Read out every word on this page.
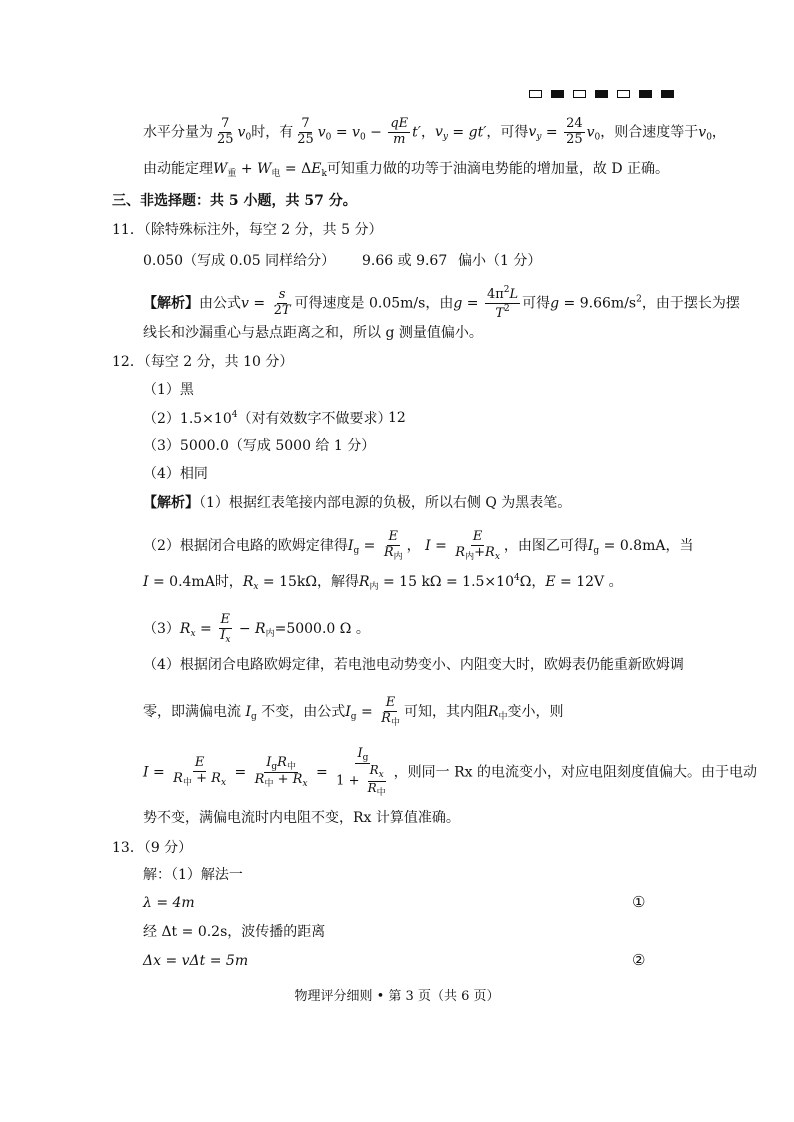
水平分量为 $\frac{7}{25} v_0$时，有 $\frac{7}{25} v_0 = v_0 - \frac{qE}{m} t'$，$v_y = gt'$，可得$v_y = \frac{24}{25} v_0$，则合速度等于$v_0$，
由动能定理$W_重 + W_电 = \Delta E_k$可知重力做的功等于油滴电势能的增加量，故 D 正确。
三、非选择题：共 5 小题，共 57 分。
11．（除特殊标注外，每空 2 分，共 5 分）
0.050（写成 0.05 同样给分） 9.66 或 9.67 偏小（1 分）
【解析】由公式$v = \frac{s}{2T}$ 可得速度是 0.05m/s，由$g = \frac{4\pi^2L}{T^2}$ 可得$g = 9.66m/s^2$，由于摆长为摆
线长和沙漏重心与悬点距离之和，所以 g 测量值偏小。
12．（每空 2 分，共 10 分）
（1）黑
$(2)1.5\times 10^4$（对有效数字不做要求）
12
（3）5000.0（写成 5000 给 1 分）
（4）相同
【解析】（1）根据红表笔接内部电源的负极，所以右侧 Q 为黑表笔。
（2）根据闭合电路的欧姆定律得$I_g = \frac{E}{R_内}$ ， $I = \frac{E}{R_内+R_x}$ ，由图乙可得$I_g = 0.8mA$，当
I = 0.4mA时，$R_x = 15k\Omega$，解得$R_内 = 15$ $k\Omega = 1.5\times 10^4\Omega$，E = 12V 。
$(3)R_x = \frac{E}{I_x} - R_内=5000.0$ Ω 。
（4）根据闭合电路欧姆定律，若电池电动势变小、内阻变大时，欧姆表仍能重新欧姆调
零，即满偏电流 $I_g$ 不变，由公式$I_g = \frac{E}{R_中}$ 可知，其内阻$R_中$变小，则
$I = \frac{E}{R_中 + R_x} = \frac{I_gR_中}{R_中 + R_x} = \frac{I_g}{1 + \frac{R_x}{R_中}}$ ，则同一 Rx 的电流变小，对应电阻刻度值偏大。由于电动
势不变，满偏电流时内电阻不变，Rx 计算值准确。
13．（9 分）
解：（1）解法一
λ = 4m	①
经 Δt = 0.2s，波传播的距离
Δx = vΔt = 5m	②
物理评分细则 • 第 3 页（共 6 页）
